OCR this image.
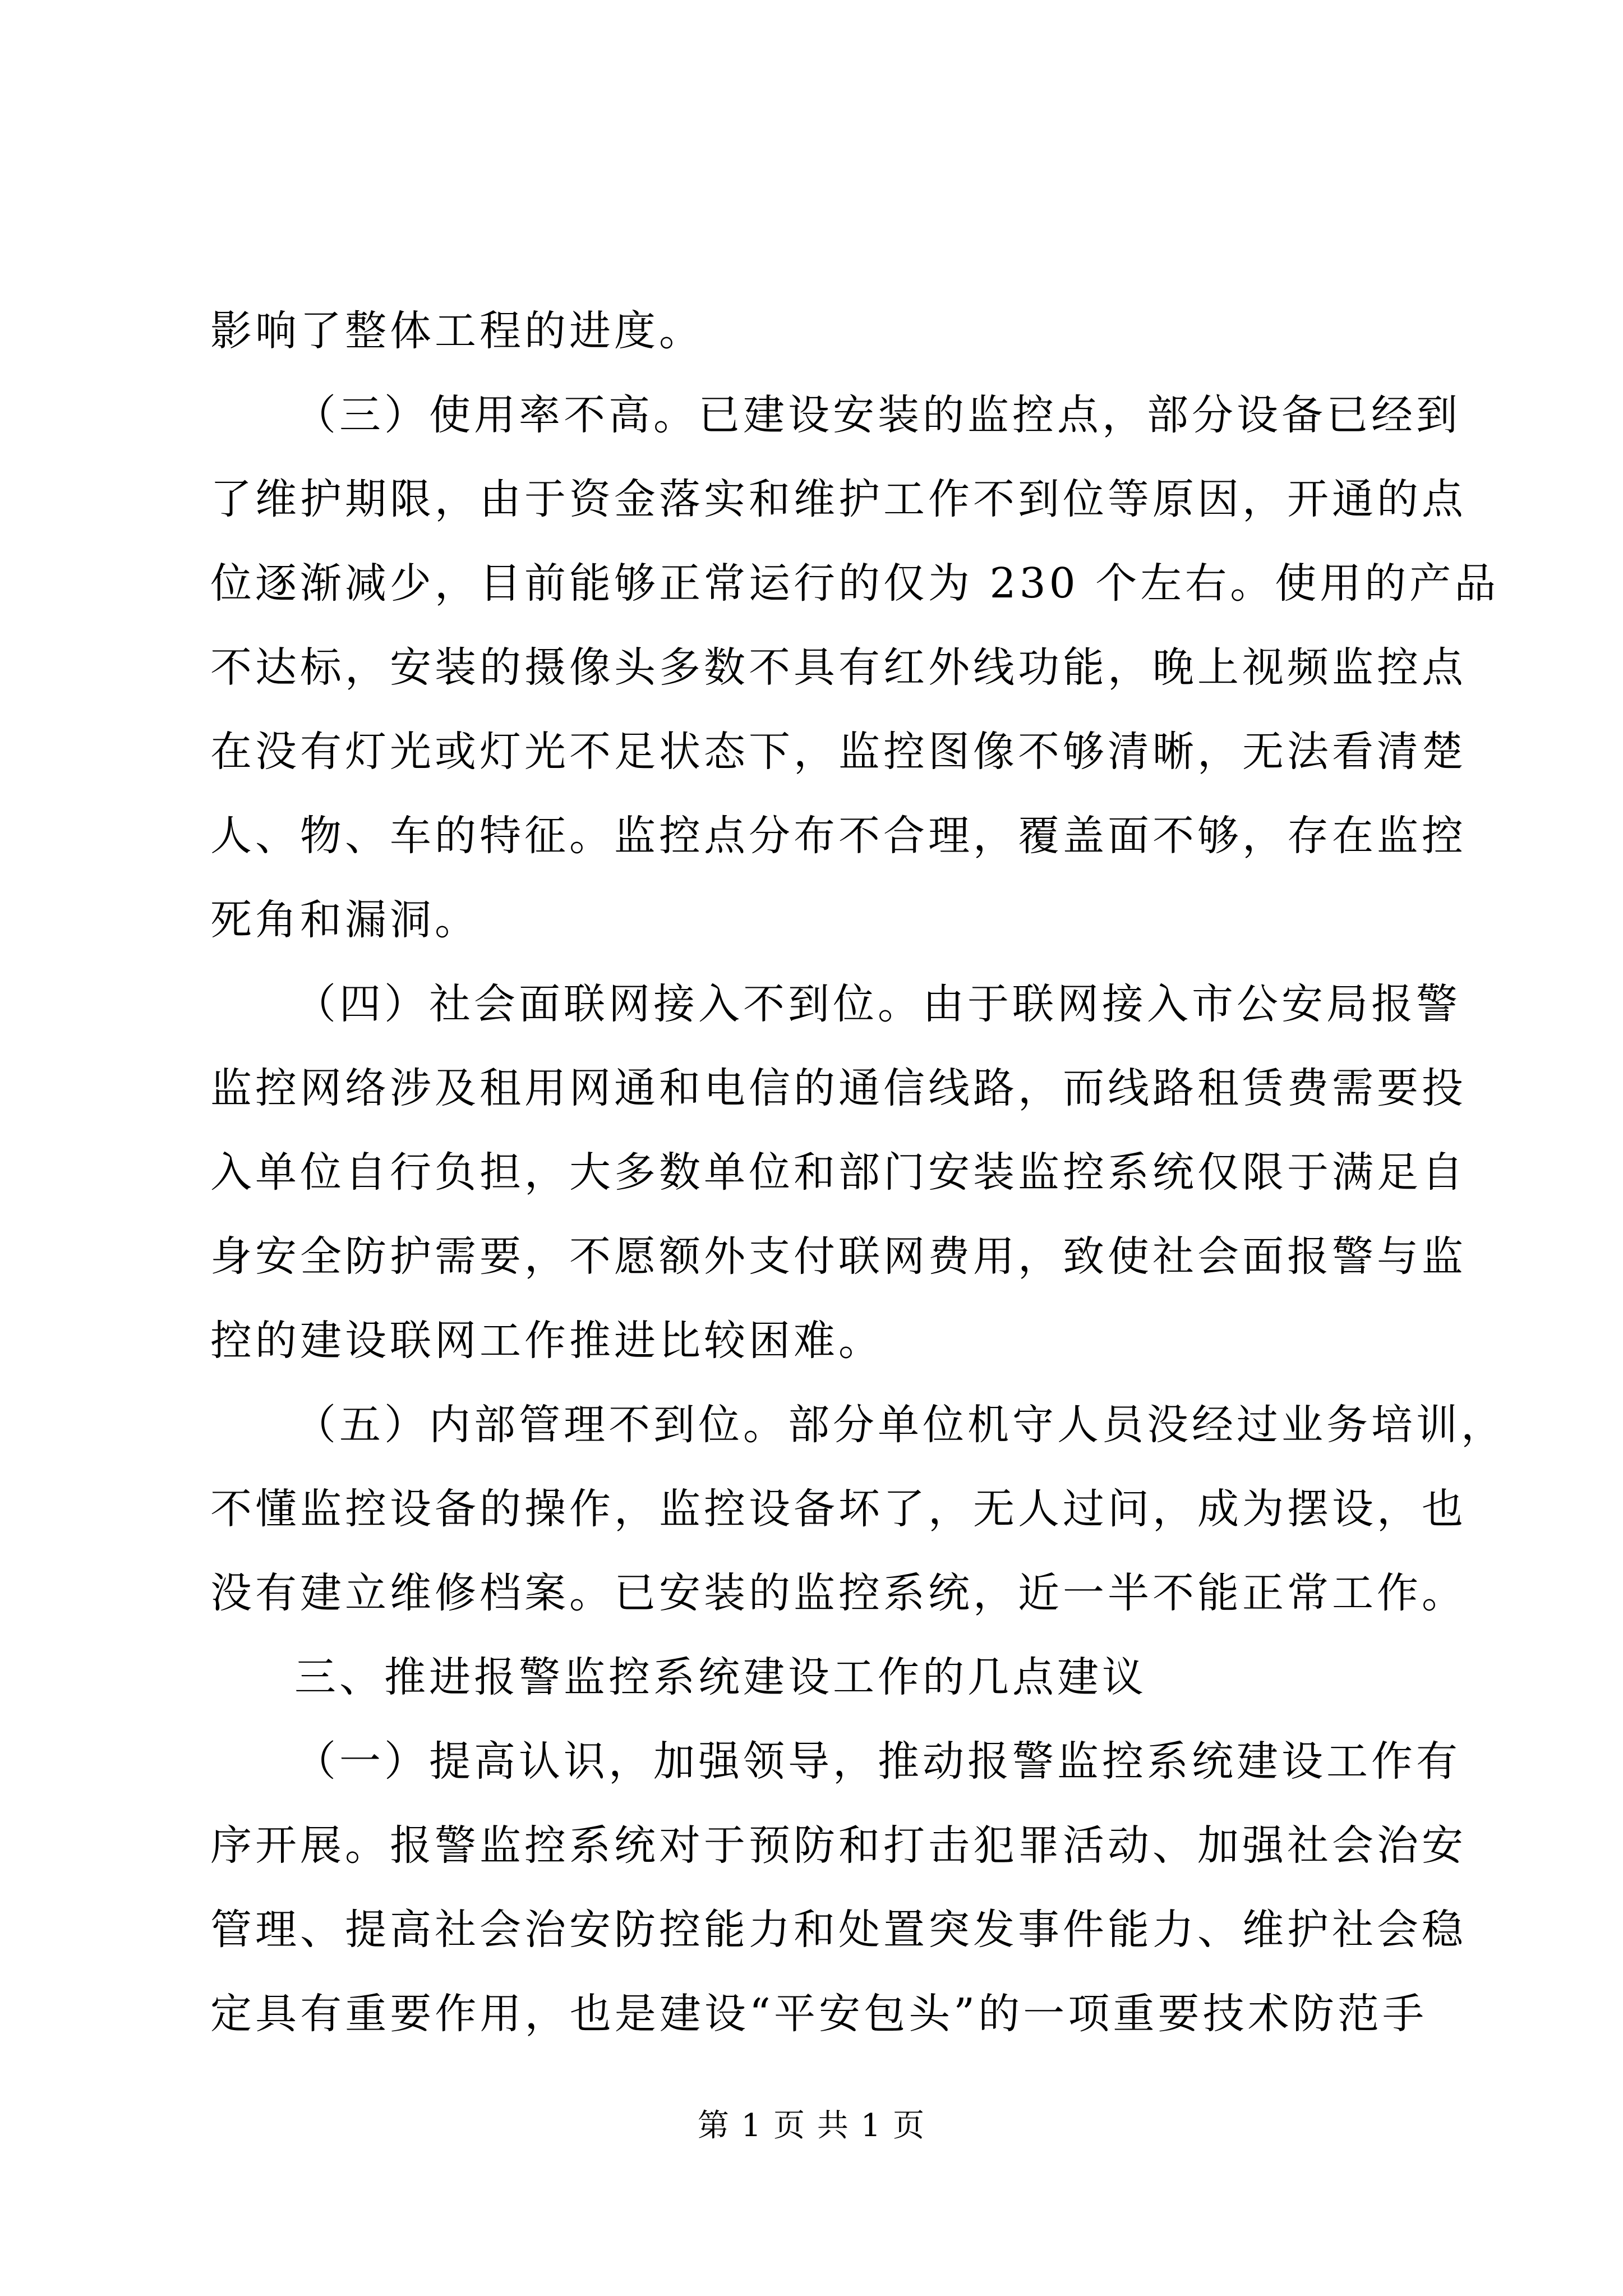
影响了整体工程的进度。
（三）使用率不高。已建设安装的监控点，部分设备已经到
了维护期限，由于资金落实和维护工作不到位等原因，开通的点
位逐渐减少，目前能够正常运行的仅为 230 个左右。使用的产品
不达标，安装的摄像头多数不具有红外线功能，晚上视频监控点
在没有灯光或灯光不足状态下，监控图像不够清晰，无法看清楚
人、物、车的特征。监控点分布不合理，覆盖面不够，存在监控
死角和漏洞。
（四）社会面联网接入不到位。由于联网接入市公安局报警
监控网络涉及租用网通和电信的通信线路，而线路租赁费需要投
入单位自行负担，大多数单位和部门安装监控系统仅限于满足自
身安全防护需要，不愿额外支付联网费用，致使社会面报警与监
控的建设联网工作推进比较困难。
（五）内部管理不到位。部分单位机守人员没经过业务培训，
不懂监控设备的操作，监控设备坏了，无人过问，成为摆设，也
没有建立维修档案。已安装的监控系统，近一半不能正常工作。
三、推进报警监控系统建设工作的几点建议
（一）提高认识，加强领导，推动报警监控系统建设工作有
序开展。报警监控系统对于预防和打击犯罪活动、加强社会治安
管理、提高社会治安防控能力和处置突发事件能力、维护社会稳
定具有重要作用，也是建设“平安包头”的一项重要技术防范手
第 1 页 共 1 页
